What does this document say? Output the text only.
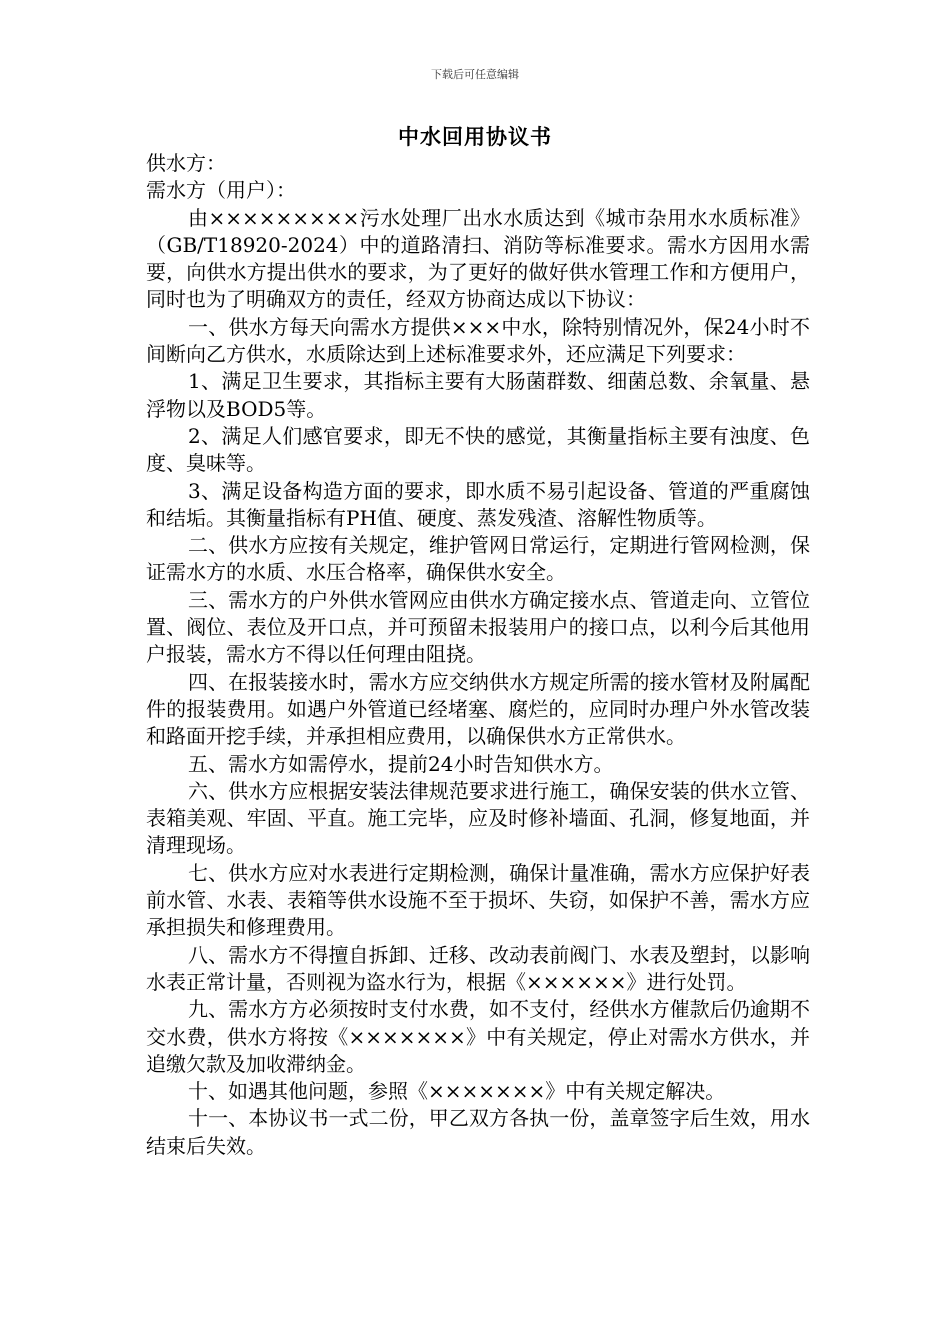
下载后可任意编辑
中水回用协议书

供水方：

需水方（用户）：

由×××××××××污水处理厂出水水质达到《城市杂用水水质标准》（GB/T18920-2024）中的道路清扫、消防等标准要求。需水方因用水需要，向供水方提出供水的要求，为了更好的做好供水管理工作和方便用户，同时也为了明确双方的责任，经双方协商达成以下协议：

一、供水方每天向需水方提供×××中水，除特别情况外，保24小时不间断向乙方供水，水质除达到上述标准要求外，还应满足下列要求：

1、满足卫生要求，其指标主要有大肠菌群数、细菌总数、余氧量、悬浮物以及BOD5等。

2、满足人们感官要求，即无不快的感觉，其衡量指标主要有浊度、色度、臭味等。

3、满足设备构造方面的要求，即水质不易引起设备、管道的严重腐蚀和结垢。其衡量指标有PH值、硬度、蒸发残渣、溶解性物质等。

二、供水方应按有关规定，维护管网日常运行，定期进行管网检测，保证需水方的水质、水压合格率，确保供水安全。

三、需水方的户外供水管网应由供水方确定接水点、管道走向、立管位置、阀位、表位及开口点，并可预留未报装用户的接口点，以利今后其他用户报装，需水方不得以任何理由阻挠。

四、在报装接水时，需水方应交纳供水方规定所需的接水管材及附属配件的报装费用。如遇户外管道已经堵塞、腐烂的，应同时办理户外水管改装和路面开挖手续，并承担相应费用，以确保供水方正常供水。

五、需水方如需停水，提前24小时告知供水方。

六、供水方应根据安装法律规范要求进行施工，确保安装的供水立管、表箱美观、牢固、平直。施工完毕，应及时修补墙面、孔洞，修复地面，并清理现场。

七、供水方应对水表进行定期检测，确保计量准确，需水方应保护好表前水管、水表、表箱等供水设施不至于损坏、失窃，如保护不善，需水方应承担损失和修理费用。

八、需水方不得擅自拆卸、迁移、改动表前阀门、水表及塑封，以影响水表正常计量，否则视为盗水行为，根据《××××××》进行处罚。

九、需水方方必须按时支付水费，如不支付，经供水方催款后仍逾期不交水费，供水方将按《×××××××》中有关规定，停止对需水方供水，并追缴欠款及加收滞纳金。

十、如遇其他问题，参照《×××××××》中有关规定解决。

十一、本协议书一式二份，甲乙双方各执一份，盖章签字后生效，用水结束后失效。
